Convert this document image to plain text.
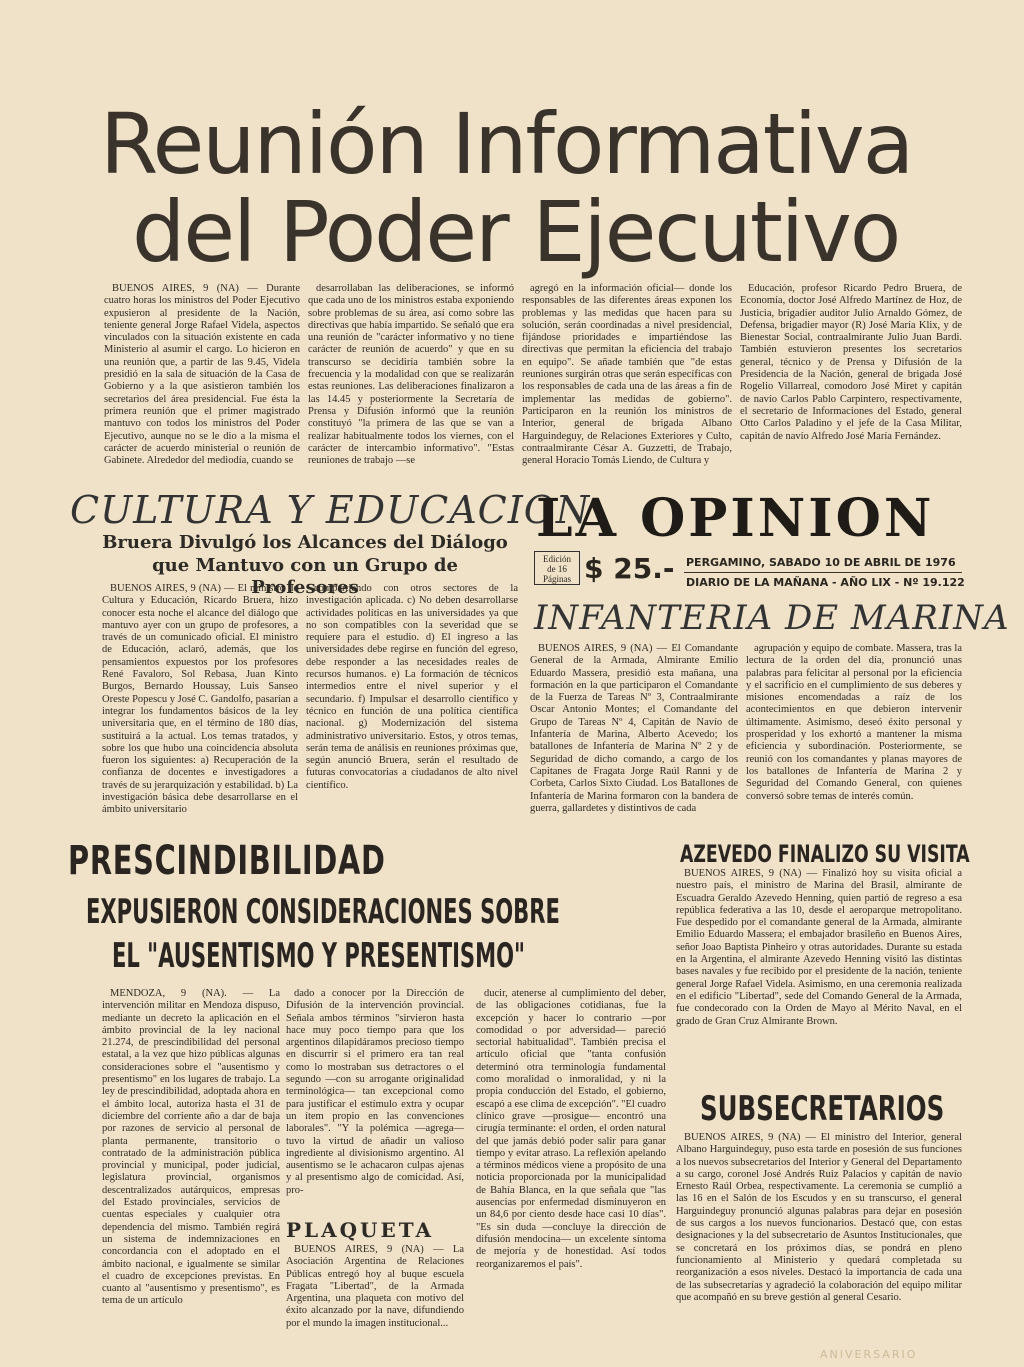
Reunión Informativa
del Poder Ejecutivo

BUENOS AIRES, 9 (NA) — Durante cuatro horas los ministros del Poder Ejecutivo expusieron al presidente de la Nación, teniente general Jorge Rafael Videla, aspectos vinculados con la situación existente en cada Ministerio al asumir el cargo. Lo hicieron en una reunión que, a partir de las 9.45, Videla presidió en la sala de situación de la Casa de Gobierno y a la que asistieron también los secretarios del área presidencial. Fue ésta la primera reunión que el primer magistrado mantuvo con todos los ministros del Poder Ejecutivo, aunque no se le dio a la misma el carácter de acuerdo ministerial o reunión de Gabinete. Alrededor del mediodía, cuando se

desarrollaban las deliberaciones, se informó que cada uno de los ministros estaba exponiendo sobre problemas de su área, así como sobre las directivas que había impartido. Se señaló que era una reunión de "carácter informativo y no tiene carácter de reunión de acuerdo" y que en su transcurso se decidiría también sobre la frecuencia y la modalidad con que se realizarán estas reuniones. Las deliberaciones finalizaron a las 14.45 y posteriormente la Secretaría de Prensa y Difusión informó que la reunión constituyó "la primera de las que se van a realizar habitualmente todos los viernes, con el carácter de intercambio informativo". "Estas reuniones de trabajo —se

agregó en la información oficial— donde los responsables de las diferentes áreas exponen los problemas y las medidas que hacen para su solución, serán coordinadas a nivel presidencial, fijándose prioridades e impartiéndose las directivas que permitan la eficiencia del trabajo en equipo". Se añade también que "de estas reuniones surgirán otras que serán específicas con los responsables de cada una de las áreas a fin de implementar las medidas de gobierno". Participaron en la reunión los ministros de Interior, general de brigada Albano Harguindeguy, de Relaciones Exteriores y Culto, contraalmirante César A. Guzzetti, de Trabajo, general Horacio Tomás Liendo, de Cultura y

Educación, profesor Ricardo Pedro Bruera, de Economía, doctor José Alfredo Martínez de Hoz, de Justicia, brigadier auditor Julio Arnaldo Gómez, de Defensa, brigadier mayor (R) José María Klix, y de Bienestar Social, contraalmirante Julio Juan Bardi. También estuvieron presentes los secretarios general, técnico y de Prensa y Difusión de la Presidencia de la Nación, general de brigada José Rogelio Villarreal, comodoro José Miret y capitán de navío Carlos Pablo Carpintero, respectivamente, el secretario de Informaciones del Estado, general Otto Carlos Paladino y el jefe de la Casa Militar, capitán de navío Alfredo José María Fernández.

CULTURA Y EDUCACION
Bruera Divulgó los Alcances del Diálogo
que Mantuvo con un Grupo de Profesores

BUENOS AIRES, 9 (NA) — El ministro de Cultura y Educación, Ricardo Bruera, hizo conocer esta noche el alcance del diálogo que mantuvo ayer con un grupo de profesores, a través de un comunicado oficial. El ministro de Educación, aclaró, además, que los pensamientos expuestos por los profesores René Favaloro, Sol Rebasa, Juan Kinto Burgos, Bernardo Houssay, Luis Sanseo Oreste Popescu y José C. Gandolfo, pasarían a integrar los fundamentos básicos de la ley universitaria que, en el término de 180 días, sustituirá a la actual. Los temas tratados, y sobre los que hubo una coincidencia absoluta fueron los siguientes: a) Recuperación de la confianza de docentes e investigadores a través de su jerarquización y estabilidad. b) La investigación básica debe desarrollarse en el ámbito universitario

compartiendo con otros sectores de la investigación aplicada. c) No deben desarrollarse actividades políticas en las universidades ya que no son compatibles con la severidad que se requiere para el estudio. d) El ingreso a las universidades debe regirse en función del egreso, debe responder a las necesidades reales de recursos humanos. e) La formación de técnicos intermedios entre el nivel superior y el secundario. f) Impulsar el desarrollo científico y técnico en función de una política científica nacional. g) Modernización del sistema administrativo universitario. Estos, y otros temas, serán tema de análisis en reuniones próximas que, según anunció Bruera, serán el resultado de futuras convocatorias a ciudadanos de alto nivel científico.

LA OPINION
Edición
de 16
Páginas $ 25.- PERGAMINO, SABADO 10 DE ABRIL DE 1976
DIARIO DE LA MAÑANA - AÑO LIX - Nº 19.122
INFANTERIA DE MARINA

BUENOS AIRES, 9 (NA) — El Comandante General de la Armada, Almirante Emilio Eduardo Massera, presidió esta mañana, una formación en la que participaron el Comandante de la Fuerza de Tareas Nº 3, Contraalmirante Oscar Antonio Montes; el Comandante del Grupo de Tareas Nº 4, Capitán de Navío de Infantería de Marina, Alberto Acevedo; los batallones de Infantería de Marina Nº 2 y de Seguridad de dicho comando, a cargo de los Capitanes de Fragata Jorge Raúl Ranni y de Corbeta, Carlos Sixto Ciudad. Los Batallones de Infantería de Marina formaron con la bandera de guerra, gallardetes y distintivos de cada

agrupación y equipo de combate. Massera, tras la lectura de la orden del día, pronunció unas palabras para felicitar al personal por la eficiencia y el sacrificio en el cumplimiento de sus deberes y misiones encomendadas a raíz de los acontecimientos en que debieron intervenir últimamente. Asimismo, deseó éxito personal y prosperidad y los exhortó a mantener la misma eficiencia y subordinación. Posteriormente, se reunió con los comandantes y planas mayores de los batallones de Infantería de Marina 2 y Seguridad del Comando General, con quienes conversó sobre temas de interés común.

PRESCINDIBILIDAD
EXPUSIERON CONSIDERACIONES SOBRE
EL "AUSENTISMO Y PRESENTISMO"

MENDOZA, 9 (NA). — La intervención militar en Mendoza dispuso, mediante un decreto la aplicación en el ámbito provincial de la ley nacional 21.274, de prescindibilidad del personal estatal, a la vez que hizo públicas algunas consideraciones sobre el "ausentismo y presentismo" en los lugares de trabajo. La ley de prescindibilidad, adoptada ahora en el ámbito local, autoriza hasta el 31 de diciembre del corriente año a dar de baja por razones de servicio al personal de planta permanente, transitorio o contratado de la administración pública provincial y municipal, poder judicial, legislatura provincial, organismos descentralizados autárquicos, empresas del Estado provinciales, servicios de cuentas especiales y cualquier otra dependencia del mismo. También regirá un sistema de indemnizaciones en concordancia con el adoptado en el ámbito nacional, e igualmente se similar el cuadro de excepciones previstas. En cuanto al "ausentismo y presentismo", es tema de un artículo

dado a conocer por la Dirección de Difusión de la intervención provincial. Señala ambos términos "sirvieron hasta hace muy poco tiempo para que los argentinos dilapidáramos precioso tiempo en discurrir si el primero era tan real como lo mostraban sus detractores o el segundo —con su arrogante originalidad terminológica— tan excepcional como para justificar el estímulo extra y ocupar un ítem propio en las convenciones laborales". "Y la polémica —agrega— tuvo la virtud de añadir un valioso ingrediente al divisionismo argentino. Al ausentismo se le achacaron culpas ajenas y al presentismo algo de comicidad. Así, pro-

ducir, atenerse al cumplimiento del deber, de las obligaciones cotidianas, fue la excepción y hacer lo contrario —por comodidad o por adversidad— pareció sectorial habitualidad". También precisa el artículo oficial que "tanta confusión determinó otra terminología fundamental como moralidad o inmoralidad, y ni la propia conducción del Estado, el gobierno, escapó a ese clima de excepción". "El cuadro clínico grave —prosigue— encontró una cirugía terminante: el orden, el orden natural del que jamás debió poder salir para ganar tiempo y evitar atraso. La reflexión apelando a términos médicos viene a propósito de una noticia proporcionada por la municipalidad de Bahía Blanca, en la que señala que "las ausencias por enfermedad disminuyeron en un 84,6 por ciento desde hace casi 10 días". "Es sin duda —concluye la dirección de difusión mendocina— un excelente síntoma de mejoría y de honestidad. Así todos reorganizaremos el país".

PLAQUETA

BUENOS AIRES, 9 (NA) — La Asociación Argentina de Relaciones Públicas entregó hoy al buque escuela Fragata "Libertad", de la Armada Argentina, una plaqueta con motivo del éxito alcanzado por la nave, difundiendo por el mundo la imagen institucional...

AZEVEDO FINALIZO SU VISITA

BUENOS AIRES, 9 (NA) — Finalizó hoy su visita oficial a nuestro país, el ministro de Marina del Brasil, almirante de Escuadra Geraldo Azevedo Henning, quien partió de regreso a esa república federativa a las 10, desde el aeroparque metropolitano. Fue despedido por el comandante general de la Armada, almirante Emilio Eduardo Massera; el embajador brasileño en Buenos Aires, señor Joao Baptista Pinheiro y otras autoridades. Durante su estada en la Argentina, el almirante Azevedo Henning visitó las distintas bases navales y fue recibido por el presidente de la nación, teniente general Jorge Rafael Videla. Asimismo, en una ceremonia realizada en el edificio "Libertad", sede del Comando General de la Armada, fue condecorado con la Orden de Mayo al Mérito Naval, en el grado de Gran Cruz Almirante Brown.

SUBSECRETARIOS

BUENOS AIRES, 9 (NA) — El ministro del Interior, general Albano Harguindeguy, puso esta tarde en posesión de sus funciones a los nuevos subsecretarios del Interior y General del Departamento a su cargo, coronel José Andrés Ruiz Palacios y capitán de navío Ernesto Raúl Orbea, respectivamente. La ceremonia se cumplió a las 16 en el Salón de los Escudos y en su transcurso, el general Harguindeguy pronunció algunas palabras para dejar en posesión de sus cargos a los nuevos funcionarios. Destacó que, con estas designaciones y la del subsecretario de Asuntos Institucionales, que se concretará en los próximos días, se pondrá en pleno funcionamiento al Ministerio y quedará completada su reorganización a esos niveles. Destacó la importancia de cada una de las subsecretarías y agradeció la colaboración del equipo militar que acompañó en su breve gestión al general Cesario.

ANIVERSARIO
